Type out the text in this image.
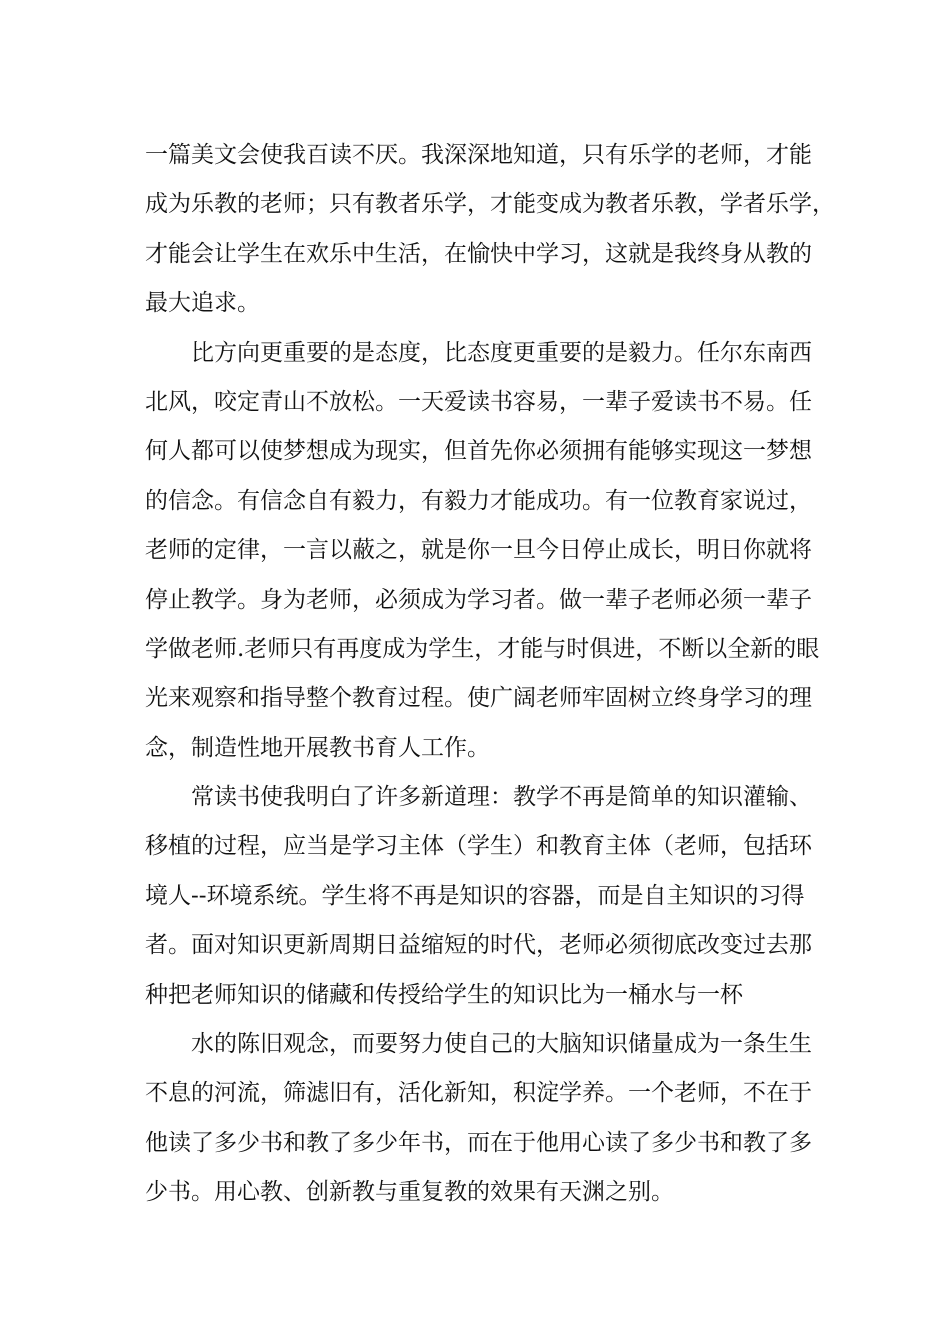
一篇美文会使我百读不厌。我深深地知道，只有乐学的老师，才能
成为乐教的老师；只有教者乐学，才能变成为教者乐教，学者乐学，
才能会让学生在欢乐中生活，在愉快中学习，这就是我终身从教的
最大追求。
比方向更重要的是态度，比态度更重要的是毅力。任尔东南西
北风，咬定青山不放松。一天爱读书容易，一辈子爱读书不易。任
何人都可以使梦想成为现实，但首先你必须拥有能够实现这一梦想
的信念。有信念自有毅力，有毅力才能成功。有一位教育家说过，
老师的定律，一言以蔽之，就是你一旦今日停止成长，明日你就将
停止教学。身为老师，必须成为学习者。做一辈子老师必须一辈子
学做老师.老师只有再度成为学生，才能与时俱进，不断以全新的眼
光来观察和指导整个教育过程。使广阔老师牢固树立终身学习的理
念，制造性地开展教书育人工作。
常读书使我明白了许多新道理：教学不再是简单的知识灌输、
移植的过程，应当是学习主体（学生）和教育主体（老师，包括环
境人--环境系统。学生将不再是知识的容器，而是自主知识的习得
者。面对知识更新周期日益缩短的时代，老师必须彻底改变过去那
种把老师知识的储藏和传授给学生的知识比为一桶水与一杯
水的陈旧观念，而要努力使自己的大脑知识储量成为一条生生
不息的河流，筛滤旧有，活化新知，积淀学养。一个老师，不在于
他读了多少书和教了多少年书，而在于他用心读了多少书和教了多
少书。用心教、创新教与重复教的效果有天渊之别。
